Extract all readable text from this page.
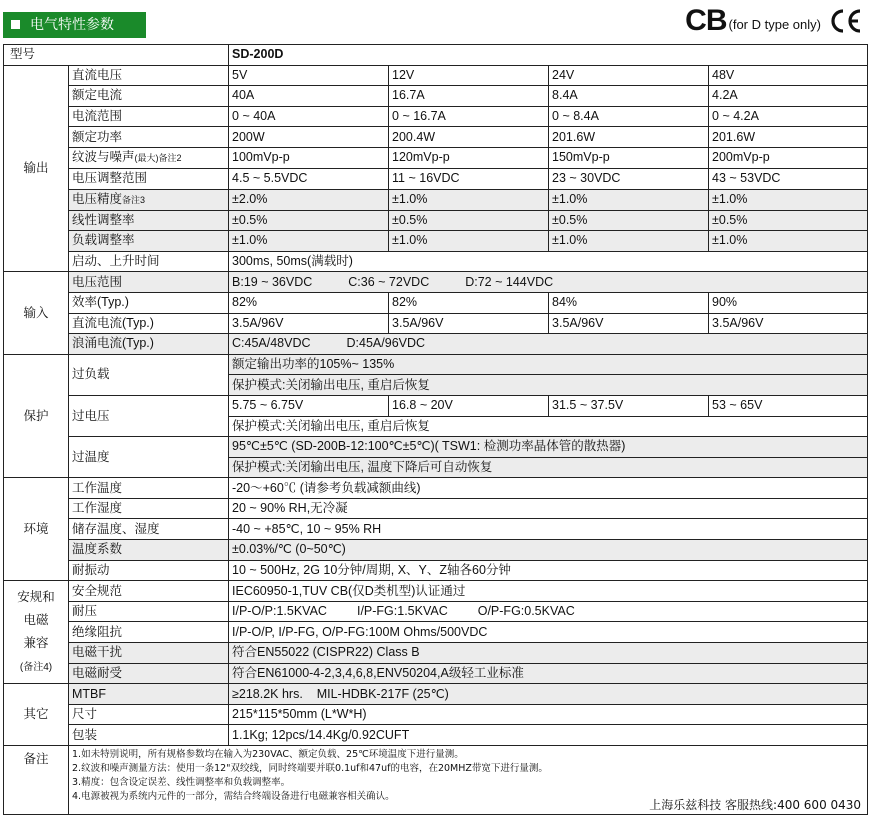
电气特性参数	CB (for D type only)
型号		SD-200D			
输出	直流电压	5V	12V	24V	48V
	额定电流	40A	16.7A	8.4A	4.2A
	电流范围	0 ~ 40A	0 ~ 16.7A	0 ~ 8.4A	0 ~ 4.2A
	额定功率	200W	200.4W	201.6W	201.6W
	纹波与噪声(最大)备注2	100mVp-p	120mVp-p	150mVp-p	200mVp-p
	电压调整范围	4.5 ~ 5.5VDC	11 ~ 16VDC	23 ~ 30VDC	43 ~ 53VDC
	电压精度备注3	±2.0%	±1.0%	±1.0%	±1.0%
	线性调整率	±0.5%	±0.5%	±0.5%	±0.5%
	负载调整率	±1.0%	±1.0%	±1.0%	±1.0%
	启动、上升时间	300ms, 50ms(满载时)			
输入	电压范围	B:19 ~ 36VDC C:36 ~ 72VDC D:72 ~ 144VDC			
	效率(Typ.)	82%	82%	84%	90%
	直流电流(Typ.)	3.5A/96V	3.5A/96V	3.5A/96V	3.5A/96V
	浪涌电流(Typ.)	C:45A/48VDC D:45A/96VDC			
保护	过负载	额定输出功率的105%~ 135%			
		保护模式:关闭输出电压, 重启后恢复			
	过电压	5.75 ~ 6.75V	16.8 ~ 20V	31.5 ~ 37.5V	53 ~ 65V
		保护模式:关闭输出电压, 重启后恢复			
	过温度	95℃±5℃ (SD-200B-12:100℃±5℃)( TSW1: 检测功率晶体管的散热器)			
		保护模式:关闭输出电压, 温度下降后可自动恢复			
环境	工作温度	-20～+60℃ (请参考负载减额曲线)			
	工作湿度	20 ~ 90% RH,无冷凝			
	储存温度、湿度	-40 ~ +85℃, 10 ~ 95% RH			
	温度系数	±0.03%/℃ (0~50℃)			
	耐振动	10 ~ 500Hz, 2G 10分钟/周期, X、Y、Z轴各60分钟			
安规和
电磁
兼容
(备注4)	安全规范	IEC60950-1,TUV CB(仅D类机型)认证通过			
	耐压	I/P-O/P:1.5KVAC I/P-FG:1.5KVAC O/P-FG:0.5KVAC			
	绝缘阻抗	I/P-O/P, I/P-FG, O/P-FG:100M Ohms/500VDC			
	电磁干扰	符合EN55022 (CISPR22) Class B			
	电磁耐受	符合EN61000-4-2,3,4,6,8,ENV50204,A级轻工业标准			
其它	MTBF	≥218.2K hrs.    MIL-HDBK-217F (25℃)			
	尺寸	215*115*50mm (L*W*H)			
	包装	1.1Kg; 12pcs/14.4Kg/0.92CUFT			
备注	1.如未特别说明，所有规格参数均在输入为230VAC、额定负载、25℃环境温度下进行量测。
2.纹波和噪声测量方法：使用一条12"双绞线，同时终端要并联0.1uf和47uf的电容，在20MHZ带宽下进行量测。
3.精度：包含设定误差、线性调整率和负载调整率。
4.电源被视为系统内元件的一部分，需结合终端设备进行电磁兼容相关确认。
上海乐兹科技 客服热线:400 600 0430				
